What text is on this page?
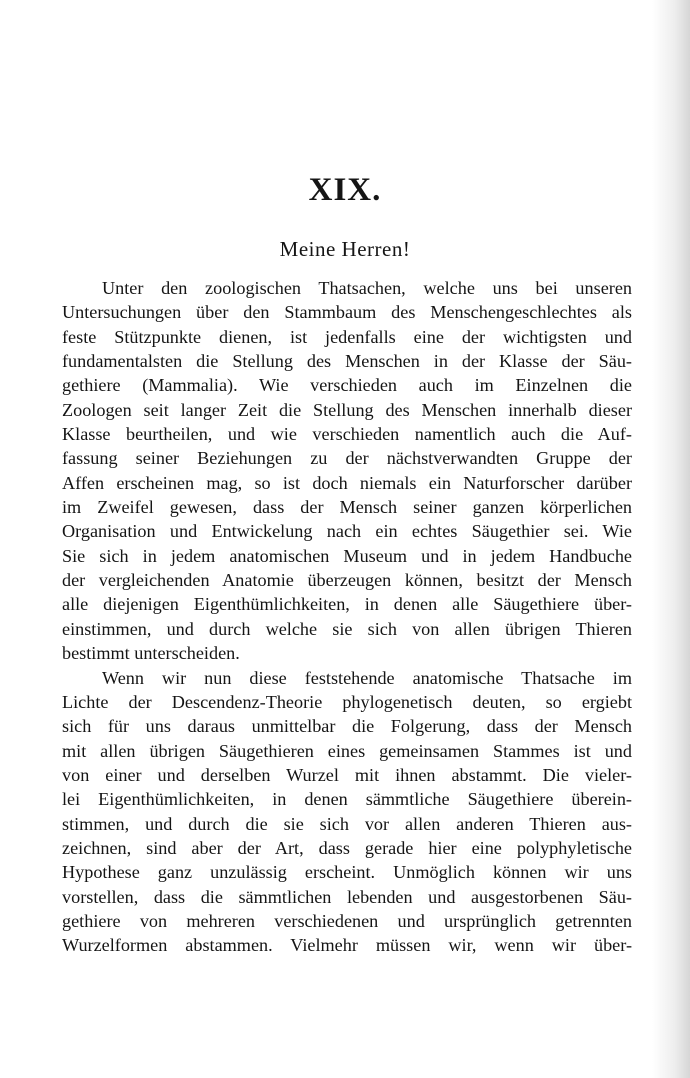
XIX.
Meine Herren!
Unter den zoologischen Thatsachen, welche uns bei unseren
Untersuchungen über den Stammbaum des Menschengeschlechtes als
feste Stützpunkte dienen, ist jedenfalls eine der wichtigsten und
fundamentalsten die Stellung des Menschen in der Klasse der Säu-
gethiere (Mammalia). Wie verschieden auch im Einzelnen die
Zoologen seit langer Zeit die Stellung des Menschen innerhalb dieser
Klasse beurtheilen, und wie verschieden namentlich auch die Auf-
fassung seiner Beziehungen zu der nächstverwandten Gruppe der
Affen erscheinen mag, so ist doch niemals ein Naturforscher darüber
im Zweifel gewesen, dass der Mensch seiner ganzen körperlichen
Organisation und Entwickelung nach ein echtes Säugethier sei. Wie
Sie sich in jedem anatomischen Museum und in jedem Handbuche
der vergleichenden Anatomie überzeugen können, besitzt der Mensch
alle diejenigen Eigenthümlichkeiten, in denen alle Säugethiere über-
einstimmen, und durch welche sie sich von allen übrigen Thieren
bestimmt unterscheiden.
Wenn wir nun diese feststehende anatomische Thatsache im
Lichte der Descendenz-Theorie phylogenetisch deuten, so ergiebt
sich für uns daraus unmittelbar die Folgerung, dass der Mensch
mit allen übrigen Säugethieren eines gemeinsamen Stammes ist und
von einer und derselben Wurzel mit ihnen abstammt. Die vieler-
lei Eigenthümlichkeiten, in denen sämmtliche Säugethiere überein-
stimmen, und durch die sie sich vor allen anderen Thieren aus-
zeichnen, sind aber der Art, dass gerade hier eine polyphyletische
Hypothese ganz unzulässig erscheint. Unmöglich können wir uns
vorstellen, dass die sämmtlichen lebenden und ausgestorbenen Säu-
gethiere von mehreren verschiedenen und ursprünglich getrennten
Wurzelformen abstammen. Vielmehr müssen wir, wenn wir über-
